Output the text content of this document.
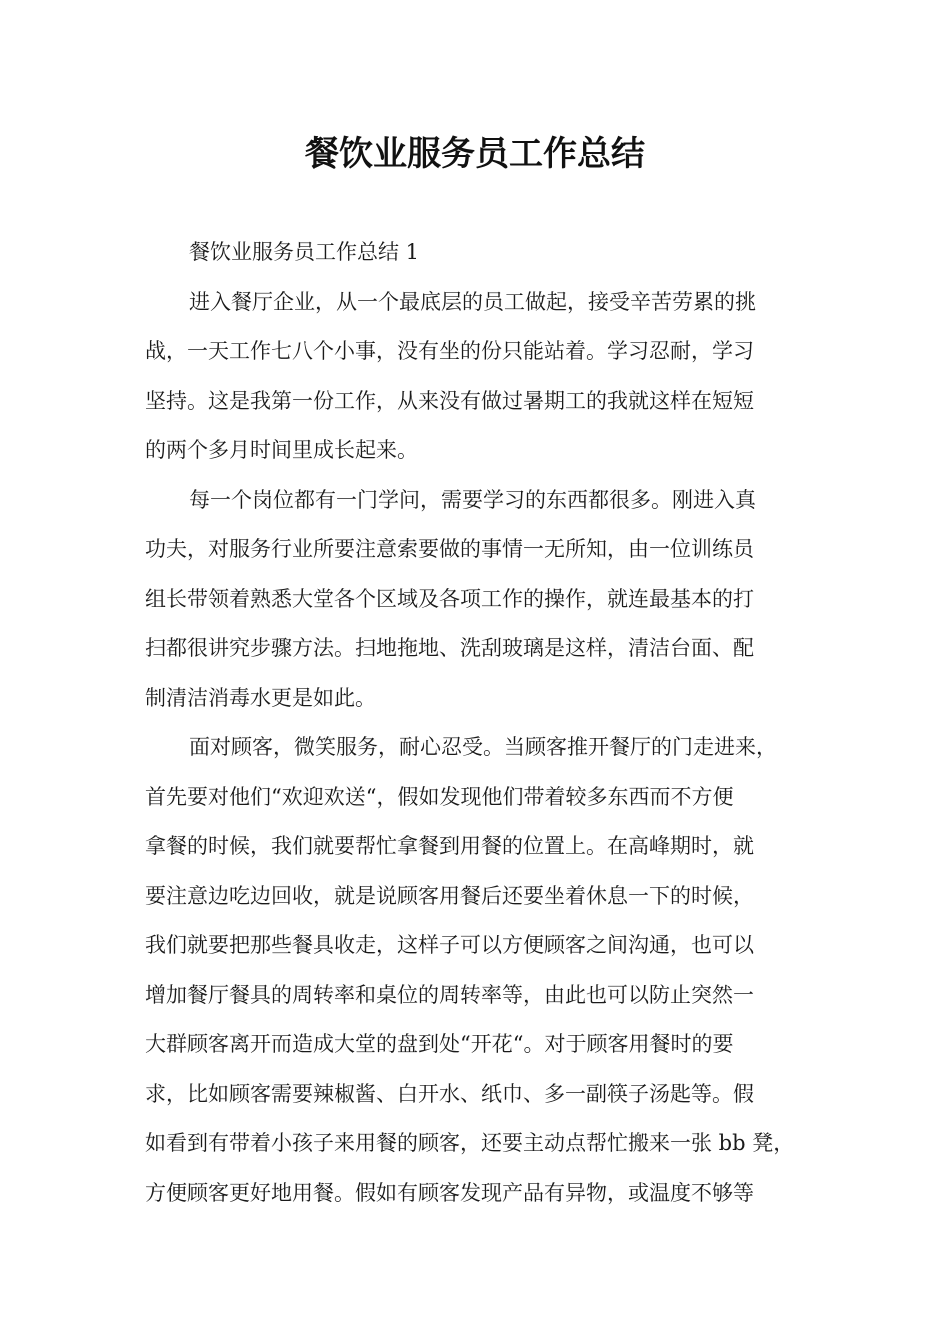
餐饮业服务员工作总结
餐饮业服务员工作总结 1
进入餐厅企业，从一个最底层的员工做起，接受辛苦劳累的挑
战，一天工作七八个小事，没有坐的份只能站着。学习忍耐，学习
坚持。这是我第一份工作，从来没有做过暑期工的我就这样在短短
的两个多月时间里成长起来。
每一个岗位都有一门学问，需要学习的东西都很多。刚进入真
功夫，对服务行业所要注意索要做的事情一无所知，由一位训练员
组长带领着熟悉大堂各个区域及各项工作的操作，就连最基本的打
扫都很讲究步骤方法。扫地拖地、洗刮玻璃是这样，清洁台面、配
制清洁消毒水更是如此。
面对顾客，微笑服务，耐心忍受。当顾客推开餐厅的门走进来，
首先要对他们“欢迎欢送“，假如发现他们带着较多东西而不方便
拿餐的时候，我们就要帮忙拿餐到用餐的位置上。在高峰期时，就
要注意边吃边回收，就是说顾客用餐后还要坐着休息一下的时候，
我们就要把那些餐具收走，这样子可以方便顾客之间沟通，也可以
增加餐厅餐具的周转率和桌位的周转率等，由此也可以防止突然一
大群顾客离开而造成大堂的盘到处“开花“。对于顾客用餐时的要
求，比如顾客需要辣椒酱、白开水、纸巾、多一副筷子汤匙等。假
如看到有带着小孩子来用餐的顾客，还要主动点帮忙搬来一张 bb 凳，
方便顾客更好地用餐。假如有顾客发现产品有异物，或温度不够等
